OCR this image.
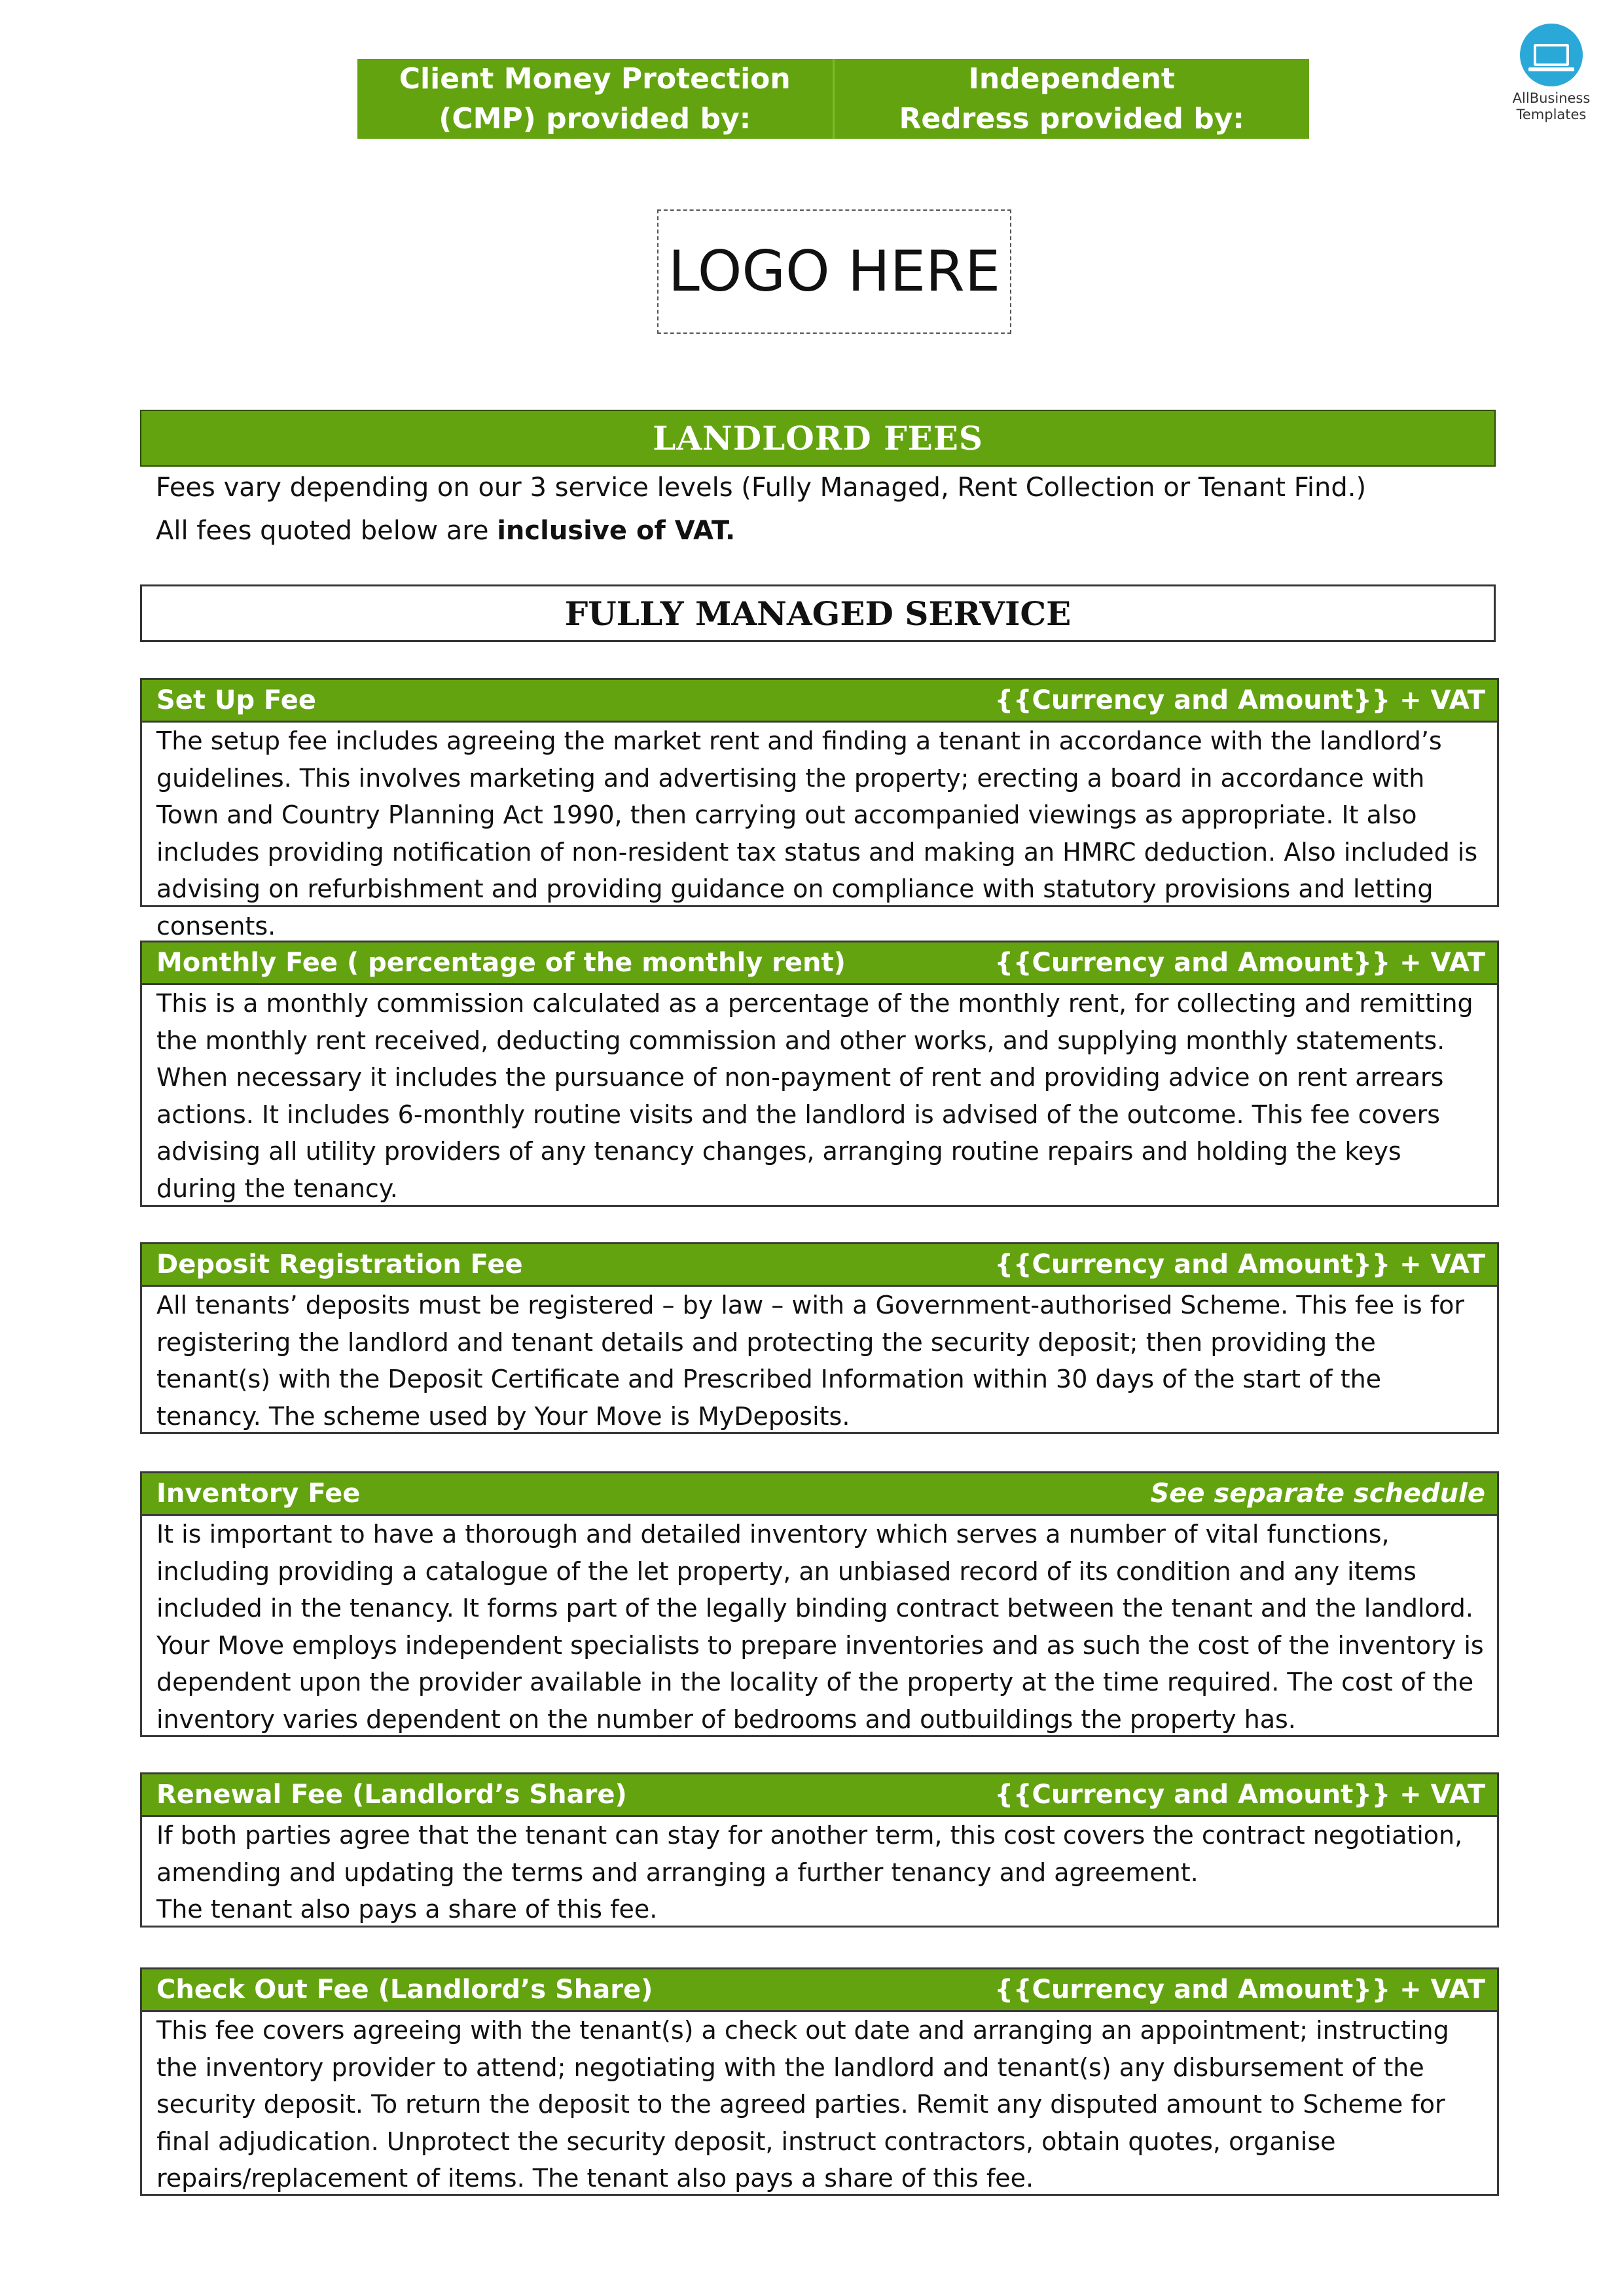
Client Money Protection
(CMP) provided by:
Independent
Redress provided by:
AllBusiness
Templates
LOGO HERE
LANDLORD FEES

Fees vary depending on our 3 service levels (Fully Managed, Rent Collection or Tenant Find.)

All fees quoted below are inclusive of VAT.

FULLY MANAGED SERVICE
Set Up Fee	{{Currency and Amount}} + VAT
The setup fee includes agreeing the market rent and finding a tenant in accordance with the landlord’s guidelines. This involves marketing and advertising the property; erecting a board in accordance with Town and Country Planning Act 1990, then carrying out accompanied viewings as appropriate. It also includes providing notification of non-resident tax status and making an HMRC deduction. Also included is advising on refurbishment and providing guidance on compliance with statutory provisions and letting consents.
Monthly Fee ( percentage of the monthly rent)	{{Currency and Amount}} + VAT
This is a monthly commission calculated as a percentage of the monthly rent, for collecting and remitting the monthly rent received, deducting commission and other works, and supplying monthly statements. When necessary it includes the pursuance of non-payment of rent and providing advice on rent arrears actions. It includes 6-monthly routine visits and the landlord is advised of the outcome. This fee covers advising all utility providers of any tenancy changes, arranging routine repairs and holding the keys during the tenancy.
Deposit Registration Fee	{{Currency and Amount}} + VAT
All tenants’ deposits must be registered – by law – with a Government-authorised Scheme. This fee is for registering the landlord and tenant details and protecting the security deposit; then providing the tenant(s) with the Deposit Certificate and Prescribed Information within 30 days of the start of the tenancy. The scheme used by Your Move is MyDeposits.
Inventory Fee	See separate schedule
It is important to have a thorough and detailed inventory which serves a number of vital functions, including providing a catalogue of the let property, an unbiased record of its condition and any items included in the tenancy. It forms part of the legally binding contract between the tenant and the landlord. Your Move employs independent specialists to prepare inventories and as such the cost of the inventory is dependent upon the provider available in the locality of the property at the time required. The cost of the inventory varies dependent on the number of bedrooms and outbuildings the property has.
Renewal Fee (Landlord’s Share)	{{Currency and Amount}} + VAT
If both parties agree that the tenant can stay for another term, this cost covers the contract negotiation, amending and updating the terms and arranging a further tenancy and agreement.
The tenant also pays a share of this fee.
Check Out Fee (Landlord’s Share)	{{Currency and Amount}} + VAT
This fee covers agreeing with the tenant(s) a check out date and arranging an appointment; instructing the inventory provider to attend; negotiating with the landlord and tenant(s) any disbursement of the security deposit. To return the deposit to the agreed parties. Remit any disputed amount to Scheme for final adjudication. Unprotect the security deposit, instruct contractors, obtain quotes, organise repairs/replacement of items. The tenant also pays a share of this fee.
